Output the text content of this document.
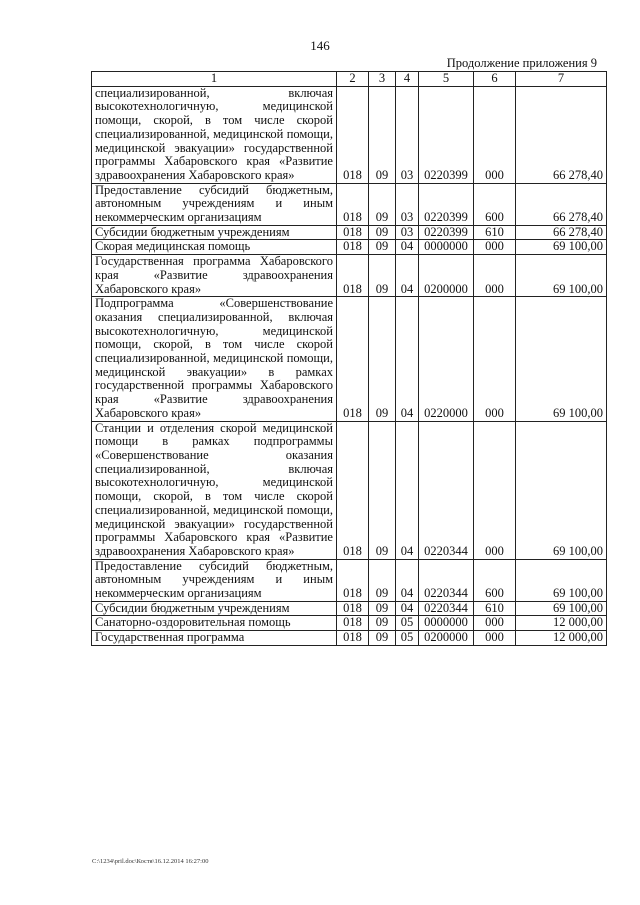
146
Продолжение приложения 9
1	2	3	4	5	6	7
специализированной, включая высокотехнологичную, медицинской помощи, скорой, в том числе скорой специализированной, медицинской помощи, медицинской эвакуации» государственной программы Хабаровского края «Развитие здравоохранения Хабаровского края»	018	09	03	0220399	000	66 278,40
Предоставление субсидий бюджетным, автономным учреждениям и иным некоммерческим организациям	018	09	03	0220399	600	66 278,40
Субсидии бюджетным учреждениям	018	09	03	0220399	610	66 278,40
Скорая медицинская помощь	018	09	04	0000000	000	69 100,00
Государственная программа Хабаровского края «Развитие здравоохранения Хабаровского края»	018	09	04	0200000	000	69 100,00
Подпрограмма «Совершенствование оказания специализированной, включая высокотехнологичную, медицинской помощи, скорой, в том числе скорой специализированной, медицинской помощи, медицинской эвакуации» в рамках государственной программы Хабаровского края «Развитие здравоохранения Хабаровского края»	018	09	04	0220000	000	69 100,00
Станции и отделения скорой медицинской помощи в рамках подпрограммы «Совершенствование оказания специализированной, включая высокотехнологичную, медицинской помощи, скорой, в том числе скорой специализированной, медицинской помощи, медицинской эвакуации» государственной программы Хабаровского края «Развитие здравоохранения Хабаровского края»	018	09	04	0220344	000	69 100,00
Предоставление субсидий бюджетным, автономным учреждениям и иным некоммерческим организациям	018	09	04	0220344	600	69 100,00
Субсидии бюджетным учреждениям	018	09	04	0220344	610	69 100,00
Санаторно-оздоровительная помощь	018	09	05	0000000	000	12 000,00
Государственная программа	018	09	05	0200000	000	12 000,00
C:\1234\pril.doc\Костя\16.12.2014 16:27:00
